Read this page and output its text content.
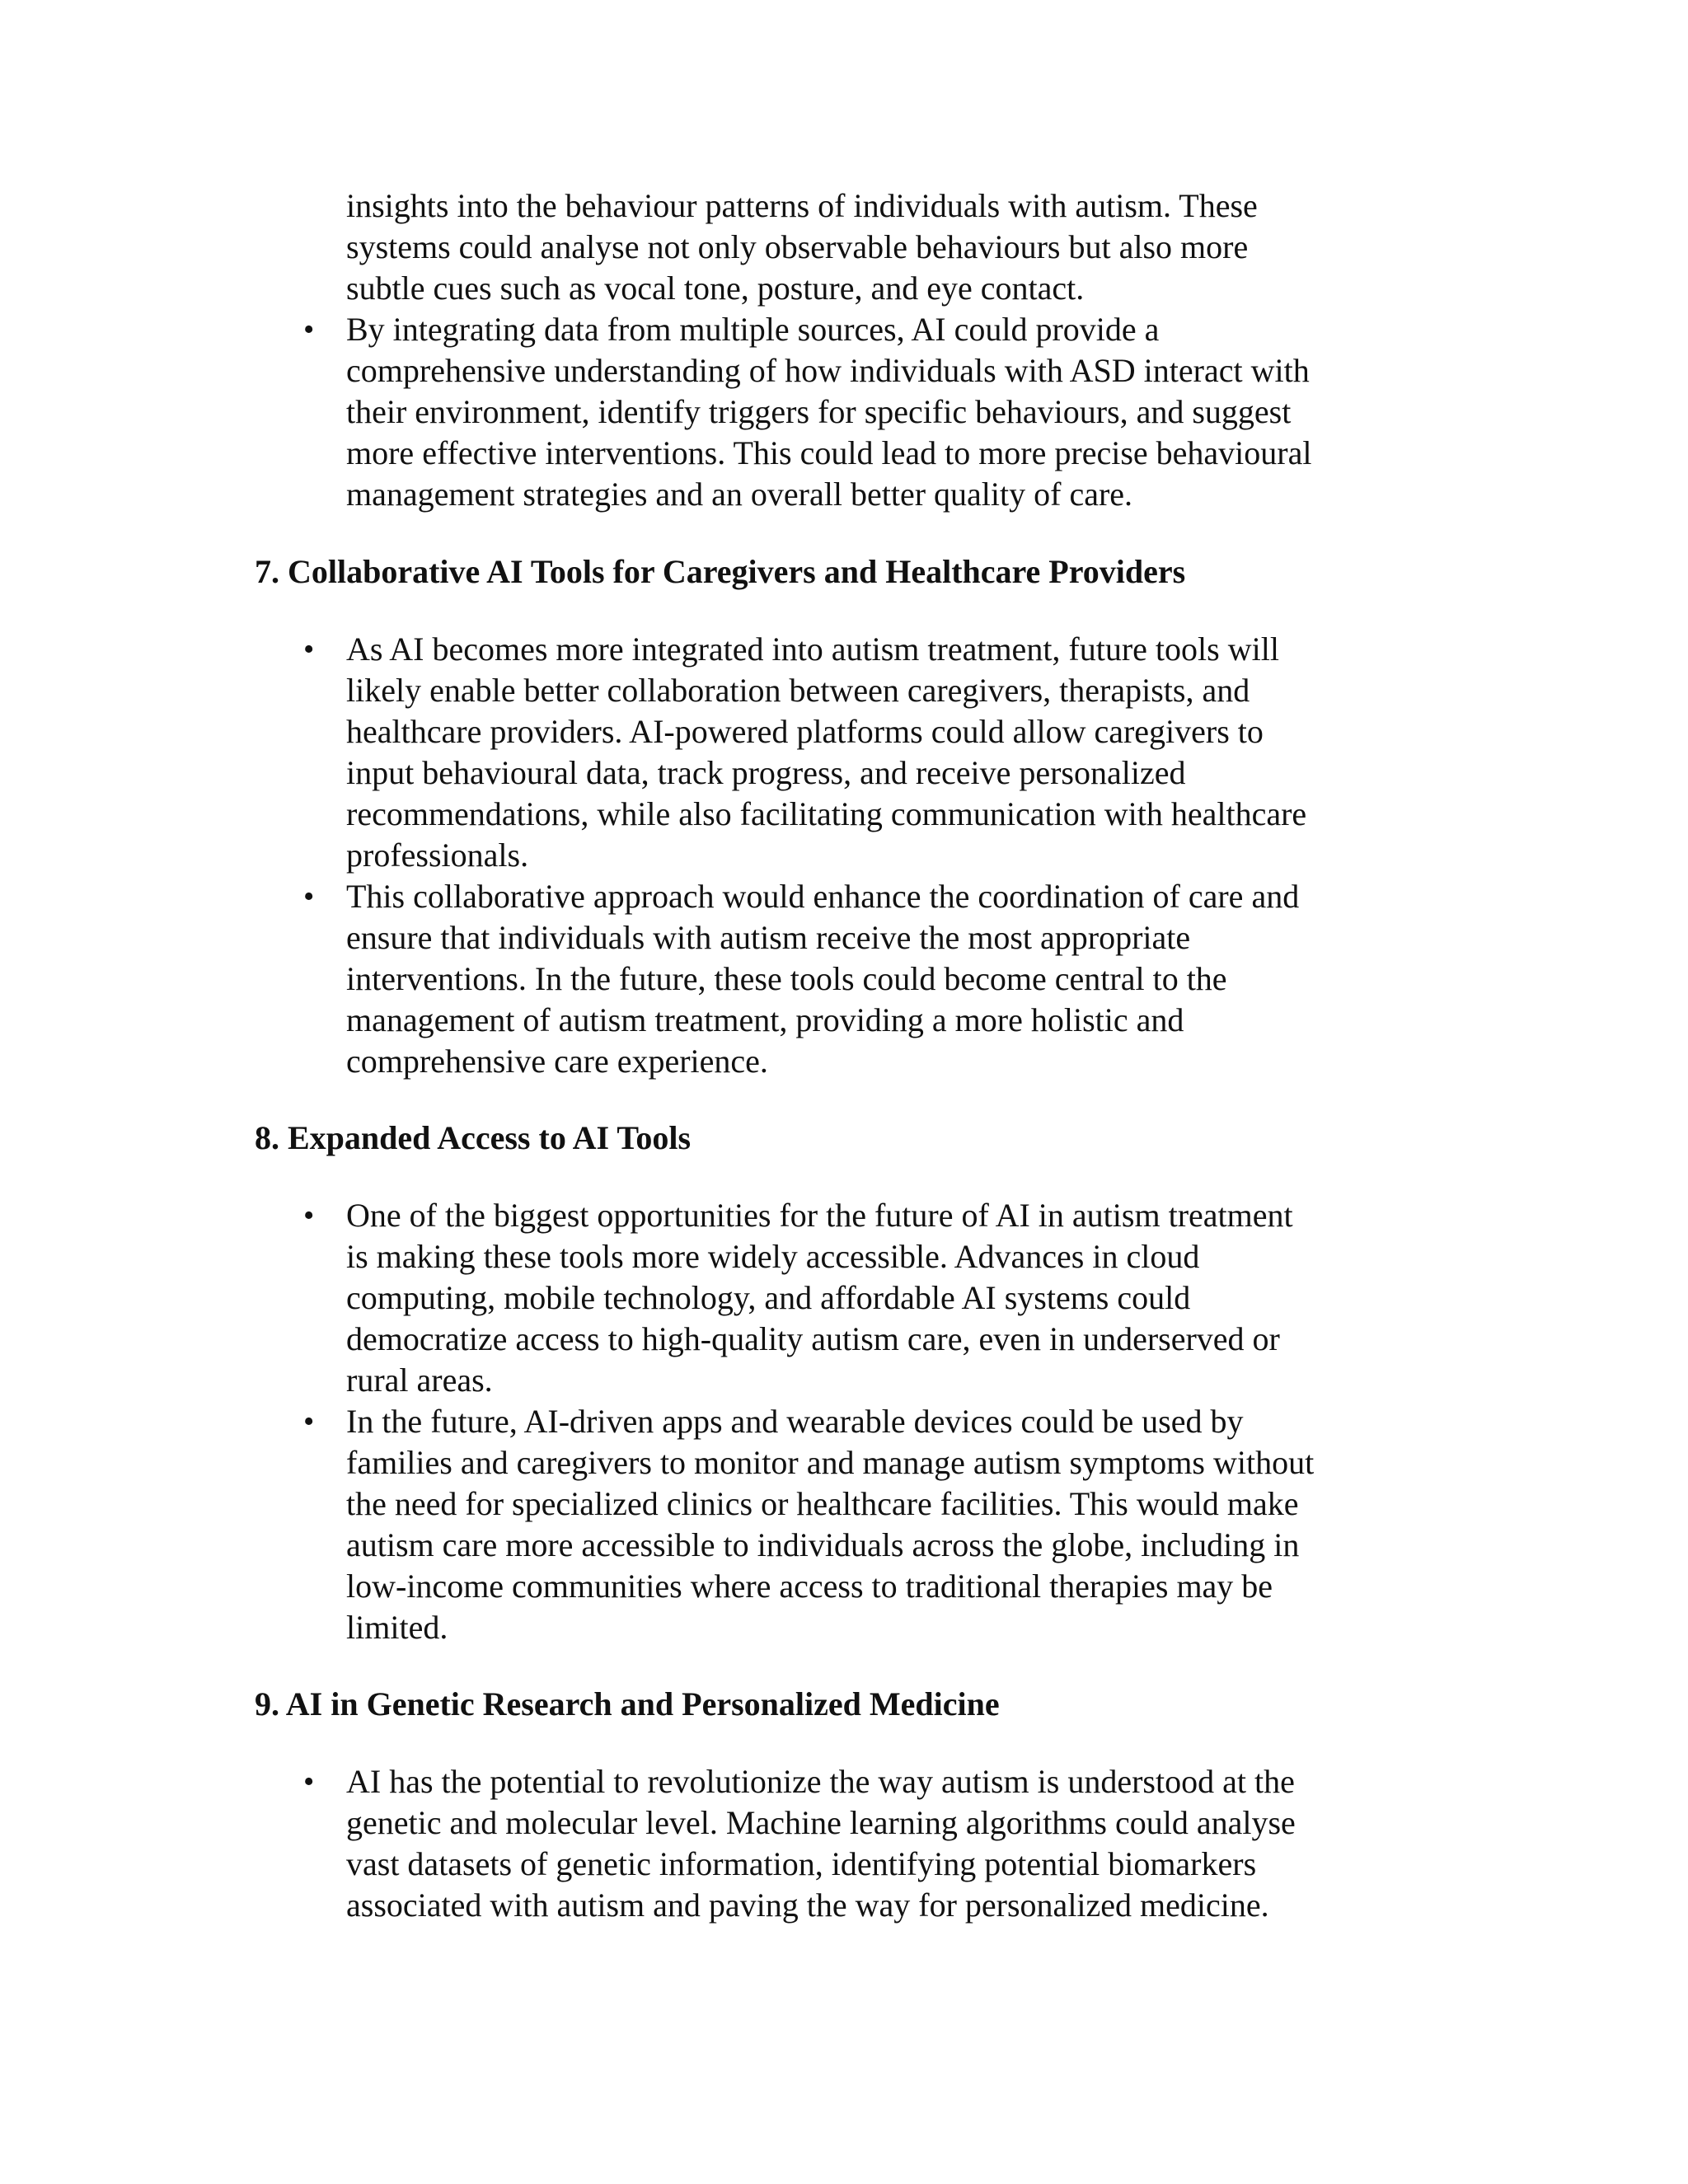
insights into the behaviour patterns of individuals with autism. These
systems could analyse not only observable behaviours but also more
subtle cues such as vocal tone, posture, and eye contact.
• By integrating data from multiple sources, AI could provide a
comprehensive understanding of how individuals with ASD interact with
their environment, identify triggers for specific behaviours, and suggest
more effective interventions. This could lead to more precise behavioural
management strategies and an overall better quality of care.
7. Collaborative AI Tools for Caregivers and Healthcare Providers
• As AI becomes more integrated into autism treatment, future tools will
likely enable better collaboration between caregivers, therapists, and
healthcare providers. AI-powered platforms could allow caregivers to
input behavioural data, track progress, and receive personalized
recommendations, while also facilitating communication with healthcare
professionals.
• This collaborative approach would enhance the coordination of care and
ensure that individuals with autism receive the most appropriate
interventions. In the future, these tools could become central to the
management of autism treatment, providing a more holistic and
comprehensive care experience.
8. Expanded Access to AI Tools
• One of the biggest opportunities for the future of AI in autism treatment
is making these tools more widely accessible. Advances in cloud
computing, mobile technology, and affordable AI systems could
democratize access to high-quality autism care, even in underserved or
rural areas.
• In the future, AI-driven apps and wearable devices could be used by
families and caregivers to monitor and manage autism symptoms without
the need for specialized clinics or healthcare facilities. This would make
autism care more accessible to individuals across the globe, including in
low-income communities where access to traditional therapies may be
limited.
9. AI in Genetic Research and Personalized Medicine
• AI has the potential to revolutionize the way autism is understood at the
genetic and molecular level. Machine learning algorithms could analyse
vast datasets of genetic information, identifying potential biomarkers
associated with autism and paving the way for personalized medicine.
